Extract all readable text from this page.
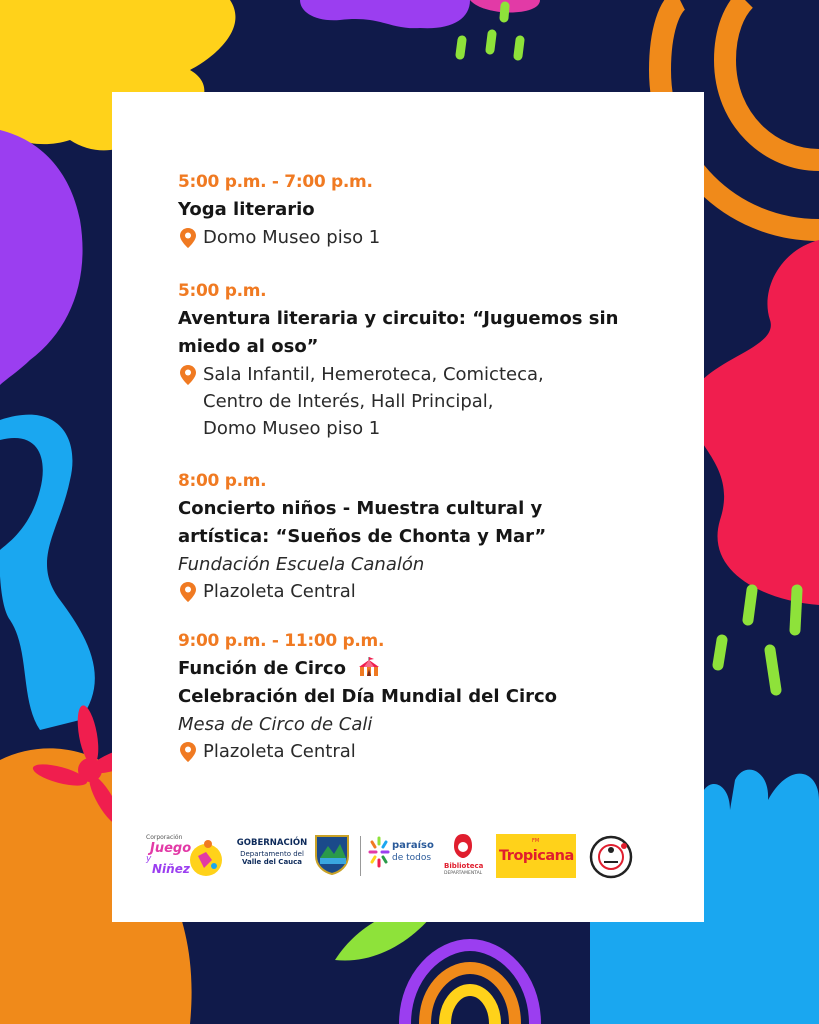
5:00 p.m. - 7:00 p.m.
Yoga literario
Domo Museo piso 1
5:00 p.m.
Aventura literaria y circuito: “Juguemos sin
miedo al oso”
Sala Infantil, Hemeroteca, Comicteca,
Centro de Interés, Hall Principal,
Domo Museo piso 1
8:00 p.m.
Concierto niños - Muestra cultural y
artística: “Sueños de Chonta y Mar”
Fundación Escuela Canalón
Plazoleta Central
9:00 p.m. - 11:00 p.m.
Función de Circo
Celebración del Día Mundial del Circo
Mesa de Circo de Cali
Plazoleta Central
Corporación
Juego
y
Niñez
GOBERNACIÓN
Departamento del
Valle del Cauca
paraíso
de todos
Biblioteca
DEPARTAMENTAL
Tropicana
FM
